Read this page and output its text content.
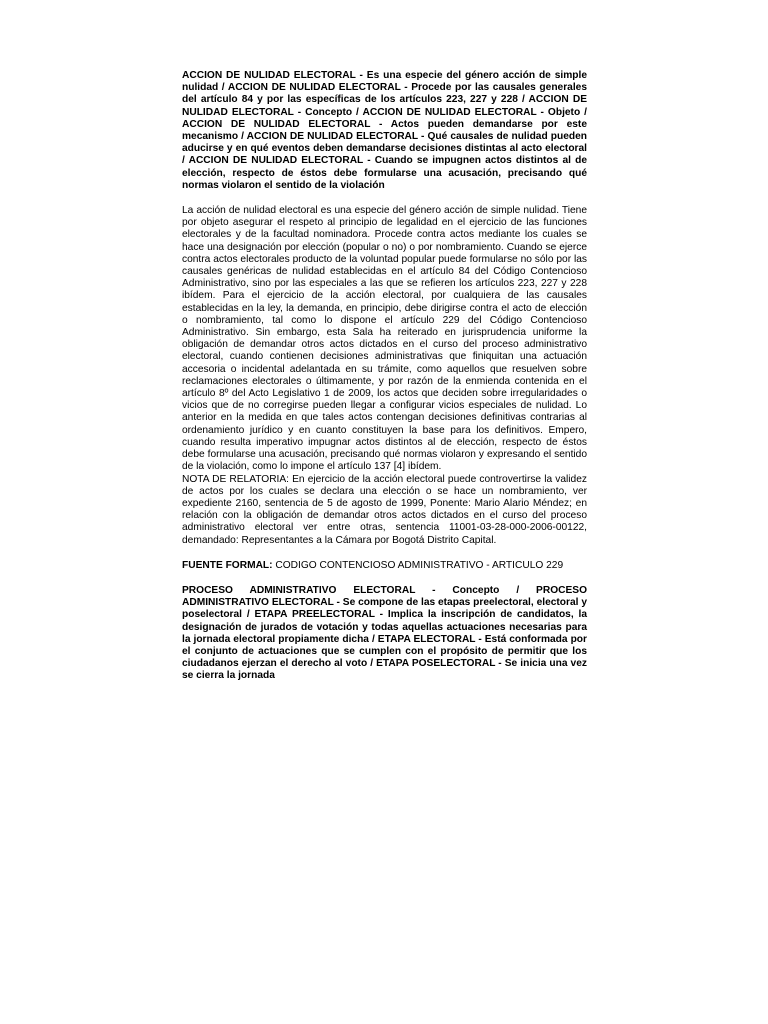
ACCION DE NULIDAD ELECTORAL - Es una especie del género acción de simple nulidad / ACCION DE NULIDAD ELECTORAL - Procede por las causales generales del artículo 84 y por las específicas de los artículos 223, 227 y 228 / ACCION DE NULIDAD ELECTORAL - Concepto / ACCION DE NULIDAD ELECTORAL - Objeto / ACCION DE NULIDAD ELECTORAL - Actos pueden demandarse por este mecanismo / ACCION DE NULIDAD ELECTORAL - Qué causales de nulidad pueden aducirse y en qué eventos deben demandarse decisiones distintas al acto electoral / ACCION DE NULIDAD ELECTORAL - Cuando se impugnen actos distintos al de elección, respecto de éstos debe formularse una acusación, precisando qué normas violaron el sentido de la violación

La acción de nulidad electoral es una especie del género acción de simple nulidad. Tiene por objeto asegurar el respeto al principio de legalidad en el ejercicio de las funciones electorales y de la facultad nominadora. Procede contra actos mediante los cuales se hace una designación por elección (popular o no) o por nombramiento. Cuando se ejerce contra actos electorales producto de la voluntad popular puede formularse no sólo por las causales genéricas de nulidad establecidas en el artículo 84 del Código Contencioso Administrativo, sino por las especiales a las que se refieren los artículos 223, 227 y 228 ibídem. Para el ejercicio de la acción electoral, por cualquiera de las causales establecidas en la ley, la demanda, en principio, debe dirigirse contra el acto de elección o nombramiento, tal como lo dispone el artículo 229 del Código Contencioso Administrativo. Sin embargo, esta Sala ha reiterado en jurisprudencia uniforme la obligación de demandar otros actos dictados en el curso del proceso administrativo electoral, cuando contienen decisiones administrativas que finiquitan una actuación accesoria o incidental adelantada en su trámite, como aquellos que resuelven sobre reclamaciones electorales o últimamente, y por razón de la enmienda contenida en el artículo 8º del Acto Legislativo 1 de 2009, los actos que deciden sobre irregularidades o vicios que de no corregirse pueden llegar a configurar vicios especiales de nulidad. Lo anterior en la medida en que tales actos contengan decisiones definitivas contrarias al ordenamiento jurídico y en cuanto constituyen la base para los definitivos. Empero, cuando resulta imperativo impugnar actos distintos al de elección, respecto de éstos debe formularse una acusación, precisando qué normas violaron y expresando el sentido de la violación, como lo impone el artículo 137 [4] ibídem.

NOTA DE RELATORIA: En ejercicio de la acción electoral puede controvertirse la validez de actos por los cuales se declara una elección o se hace un nombramiento, ver expediente 2160, sentencia de 5 de agosto de 1999, Ponente: Mario Alario Méndez; en relación con la obligación de demandar otros actos dictados en el curso del proceso administrativo electoral ver entre otras, sentencia 11001-03-28-000-2006-00122, demandado: Representantes a la Cámara por Bogotá Distrito Capital.

FUENTE FORMAL: CODIGO CONTENCIOSO ADMINISTRATIVO - ARTICULO 229

PROCESO ADMINISTRATIVO ELECTORAL - Concepto / PROCESO ADMINISTRATIVO ELECTORAL - Se compone de las etapas preelectoral, electoral y poselectoral / ETAPA PREELECTORAL - Implica la inscripción de candidatos, la designación de jurados de votación y todas aquellas actuaciones necesarias para la jornada electoral propiamente dicha / ETAPA ELECTORAL - Está conformada por el conjunto de actuaciones que se cumplen con el propósito de permitir que los ciudadanos ejerzan el derecho al voto / ETAPA POSELECTORAL - Se inicia una vez se cierra la jornada
